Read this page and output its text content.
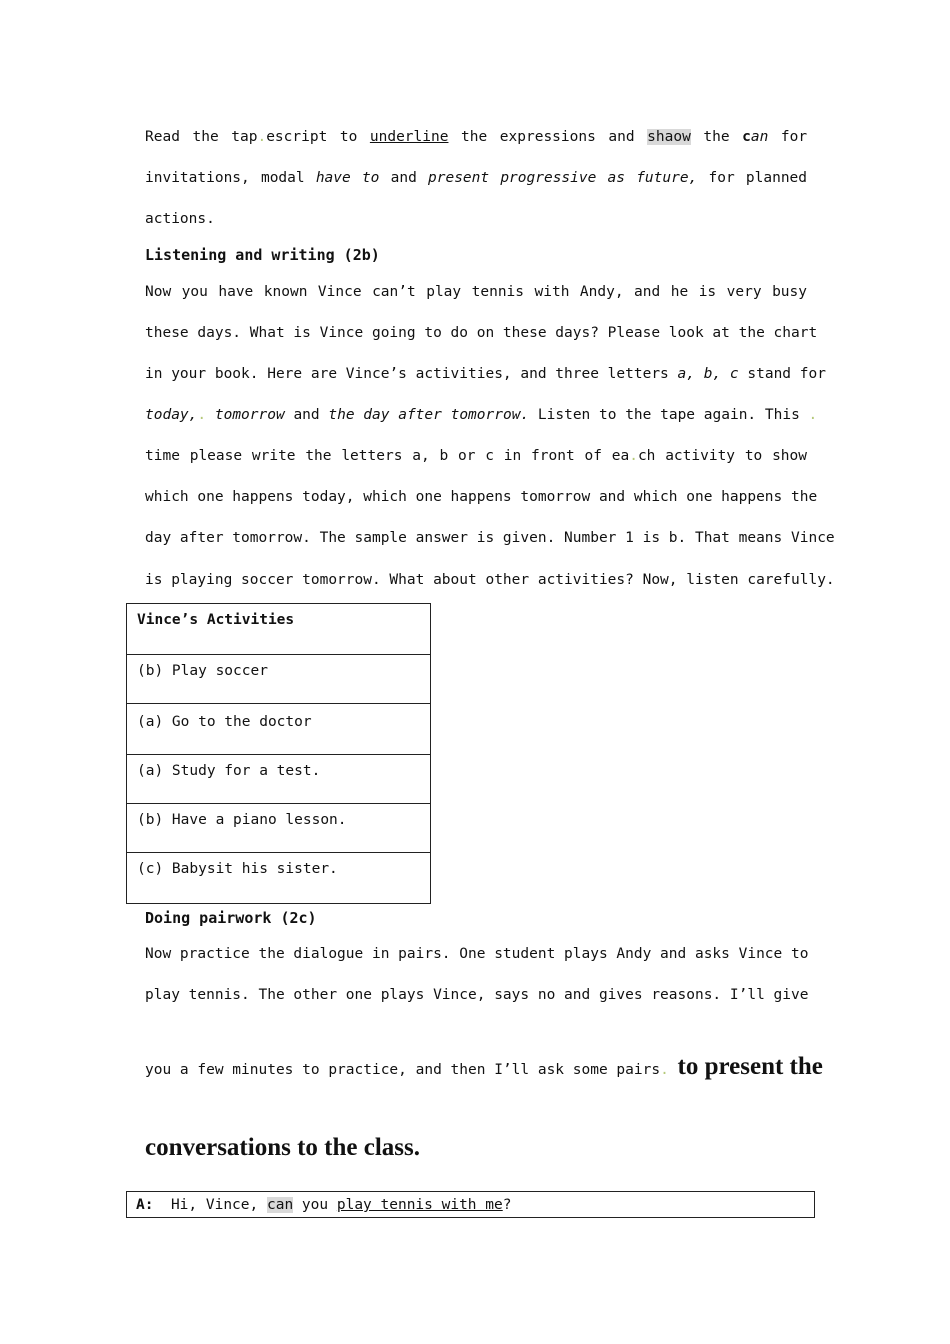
Read the tap.escript to underline the expressions and shaow the can for
invitations, modal have to and present progressive as future, for planned
actions.
Listening and writing (2b)
Now you have known Vince can’t play tennis with Andy, and he is very busy
these days. What is Vince going to do on these days? Please look at the chart
in your book. Here are Vince’s activities, and three letters a, b, c stand for
today,. tomorrow and the day after tomorrow. Listen to the tape again. This .
time please write the letters a, b or c in front of ea.ch activity to show
which one happens today, which one happens tomorrow and which one happens the
day after tomorrow. The sample answer is given. Number 1 is b. That means Vince
is playing soccer tomorrow. What about other activities? Now, listen carefully.
Vince’s Activities
(b) Play soccer
(a) Go to the doctor
(a) Study for a test.
(b) Have a piano lesson.
(c) Babysit his sister.
Doing pairwork (2c)
Now practice the dialogue in pairs. One student plays Andy and asks Vince to
play tennis. The other one plays Vince, says no and gives reasons. I’ll give
you a few minutes to practice, and then I’ll ask some pairs. to present the
conversations to the class.
A: Hi, Vince, can you play tennis with me?
